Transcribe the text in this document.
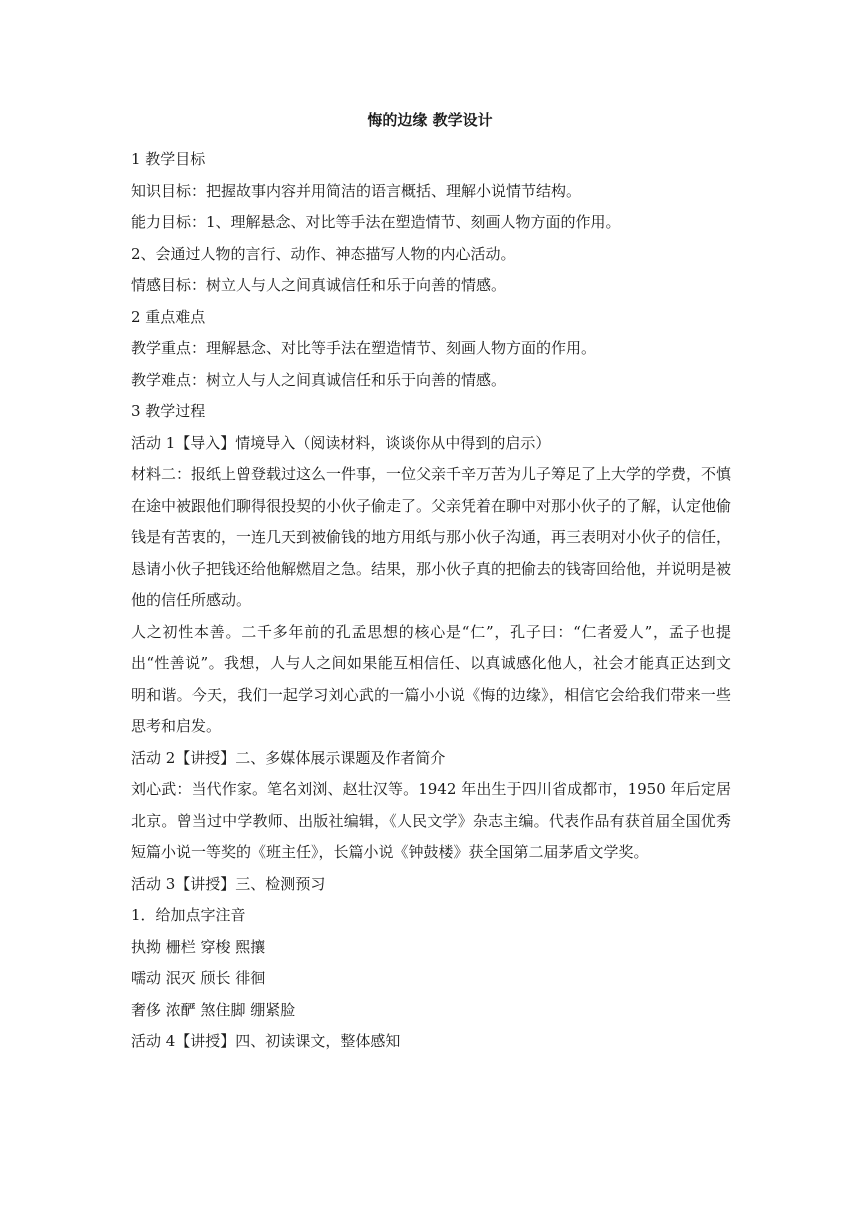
悔的边缘 教学设计

1 教学目标

知识目标：把握故事内容并用简洁的语言概括、理解小说情节结构。

能力目标：1、理解悬念、对比等手法在塑造情节、刻画人物方面的作用。

2、会通过人物的言行、动作、神态描写人物的内心活动。

情感目标：树立人与人之间真诚信任和乐于向善的情感。

2 重点难点

教学重点：理解悬念、对比等手法在塑造情节、刻画人物方面的作用。

教学难点：树立人与人之间真诚信任和乐于向善的情感。

3 教学过程

活动 1【导入】情境导入（阅读材料，谈谈你从中得到的启示）

材料二：报纸上曾登载过这么一件事，一位父亲千辛万苦为儿子筹足了上大学的学费，不慎在途中被跟他们聊得很投契的小伙子偷走了。父亲凭着在聊中对那小伙子的了解，认定他偷钱是有苦衷的，一连几天到被偷钱的地方用纸与那小伙子沟通，再三表明对小伙子的信任，恳请小伙子把钱还给他解燃眉之急。结果，那小伙子真的把偷去的钱寄回给他，并说明是被他的信任所感动。

人之初性本善。二千多年前的孔孟思想的核心是“仁”，孔子曰：“仁者爱人”，孟子也提出“性善说”。我想，人与人之间如果能互相信任、以真诚感化他人，社会才能真正达到文明和谐。今天，我们一起学习刘心武的一篇小小说《悔的边缘》，相信它会给我们带来一些思考和启发。

活动 2【讲授】二、多媒体展示课题及作者简介

刘心武：当代作家。笔名刘浏、赵壮汉等。1942 年出生于四川省成都市，1950 年后定居北京。曾当过中学教师、出版社编辑，《人民文学》杂志主编。代表作品有获首届全国优秀短篇小说一等奖的《班主任》，长篇小说《钟鼓楼》获全国第二届茅盾文学奖。

活动 3【讲授】三、检测预习

1．给加点字注音

执拗 栅栏 穿梭 熙攘

嚅动 泯灭 颀长 徘徊

奢侈 浓酽 煞住脚 绷紧脸

活动 4【讲授】四、初读课文，整体感知
